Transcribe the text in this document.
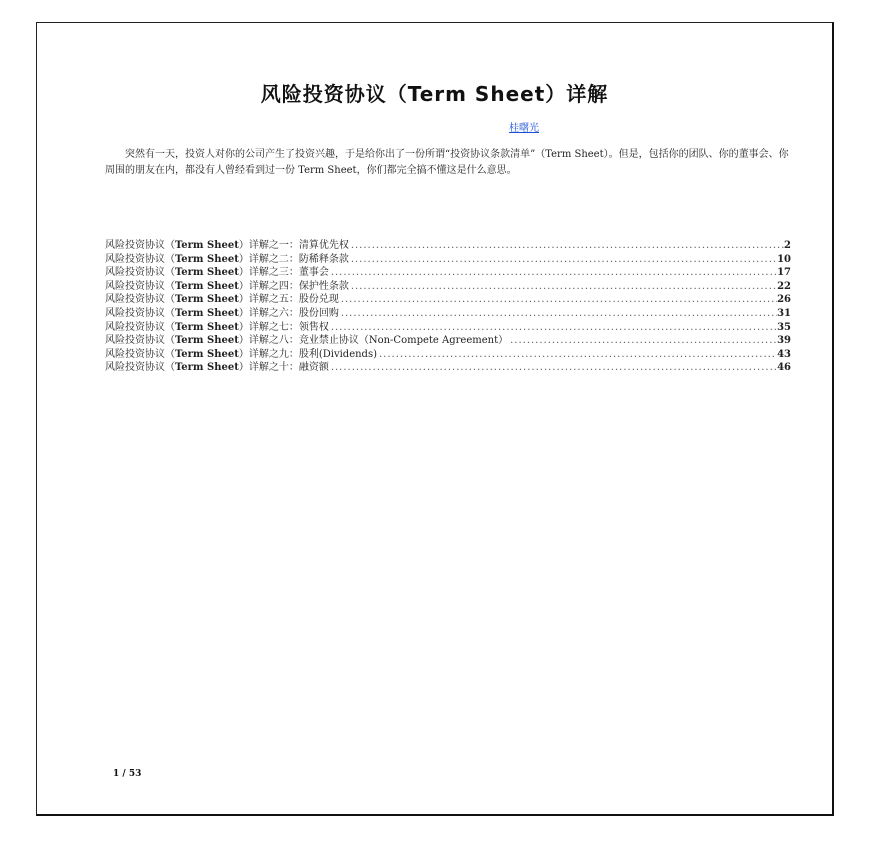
风险投资协议（Term Sheet）详解
桂曙光

突然有一天，投资人对你的公司产生了投资兴趣，于是给你出了一份所谓“投资协议条款清单”（Term Sheet）。但是，包括你的团队、你的董事会、你周围的朋友在内，都没有人曾经看到过一份 Term Sheet，你们都完全搞不懂这是什么意思。

风险投资协议（Term Sheet）详解之一：清算优先权 .....	2
风险投资协议（Term Sheet）详解之二：防稀释条款 .....	10
风险投资协议（Term Sheet）详解之三：董事会 .....	17
风险投资协议（Term Sheet）详解之四：保护性条款 .....	22
风险投资协议（Term Sheet）详解之五：股份兑现 .....	26
风险投资协议（Term Sheet）详解之六：股份回购 .....	31
风险投资协议（Term Sheet）详解之七：领售权 .....	35
风险投资协议（Term Sheet）详解之八：竞业禁止协议（Non-Compete Agreement） .....	39
风险投资协议（Term Sheet）详解之九：股利(Dividends) .....	43
风险投资协议（Term Sheet）详解之十：融资额 .....	46
1 / 53
